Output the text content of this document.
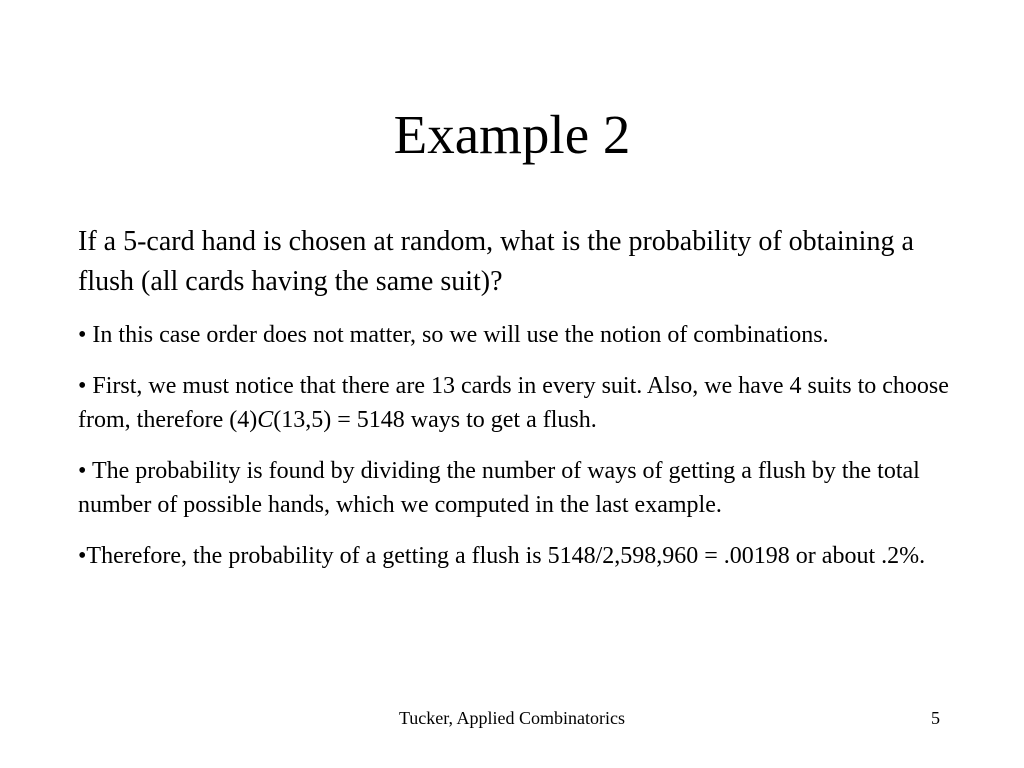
Example 2

If a 5-card hand is chosen at random, what is the probability of obtaining a flush (all cards having the same suit)?

• In this case order does not matter, so we will use the notion of combinations.

• First, we must notice that there are 13 cards in every suit. Also, we have 4 suits to choose from, therefore (4)C(13,5) = 5148 ways to get a flush.

• The probability is found by dividing the number of ways of getting a flush by the total number of possible hands, which we computed in the last example.

•Therefore, the probability of a getting a flush is 5148/2,598,960 = .00198 or about .2%.

Tucker, Applied Combinatorics	5
